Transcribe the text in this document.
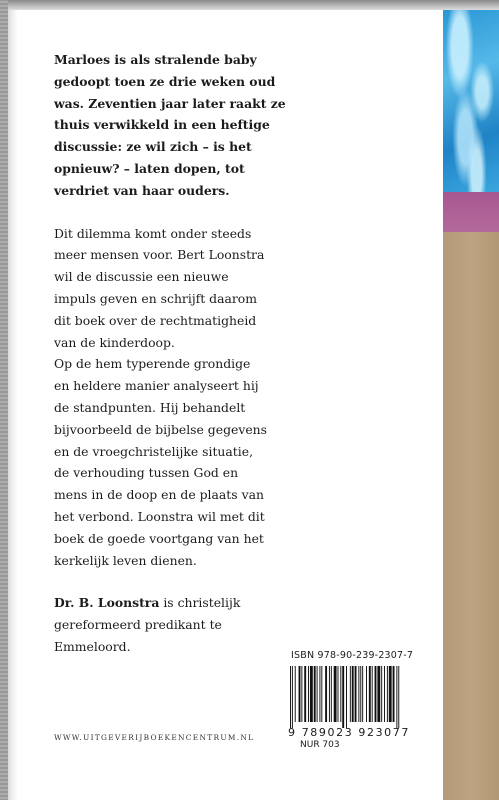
Marloes is als stralende baby
gedoopt toen ze drie weken oud
was. Zeventien jaar later raakt ze
thuis verwikkeld in een heftige
discussie: ze wil zich – is het
opnieuw? – laten dopen, tot
verdriet van haar ouders.

Dit dilemma komt onder steeds
meer mensen voor. Bert Loonstra
wil de discussie een nieuwe
impuls geven en schrijft daarom
dit boek over de rechtmatigheid
van de kinderdoop.
Op de hem typerende grondige
en heldere manier analyseert hij
de standpunten. Hij behandelt
bijvoorbeeld de bijbelse gegevens
en de vroegchristelijke situatie,
de verhouding tussen God en
mens in de doop en de plaats van
het verbond. Loonstra wil met dit
boek de goede voortgang van het
kerkelijk leven dienen.

Dr. B. Loonstra is christelijk
gereformeerd predikant te
Emmeloord.

ISBN 978-90-239-2307-7
9 789023 923077
NUR 703
WWW.UITGEVERIJBOEKENCENTRUM.NL
